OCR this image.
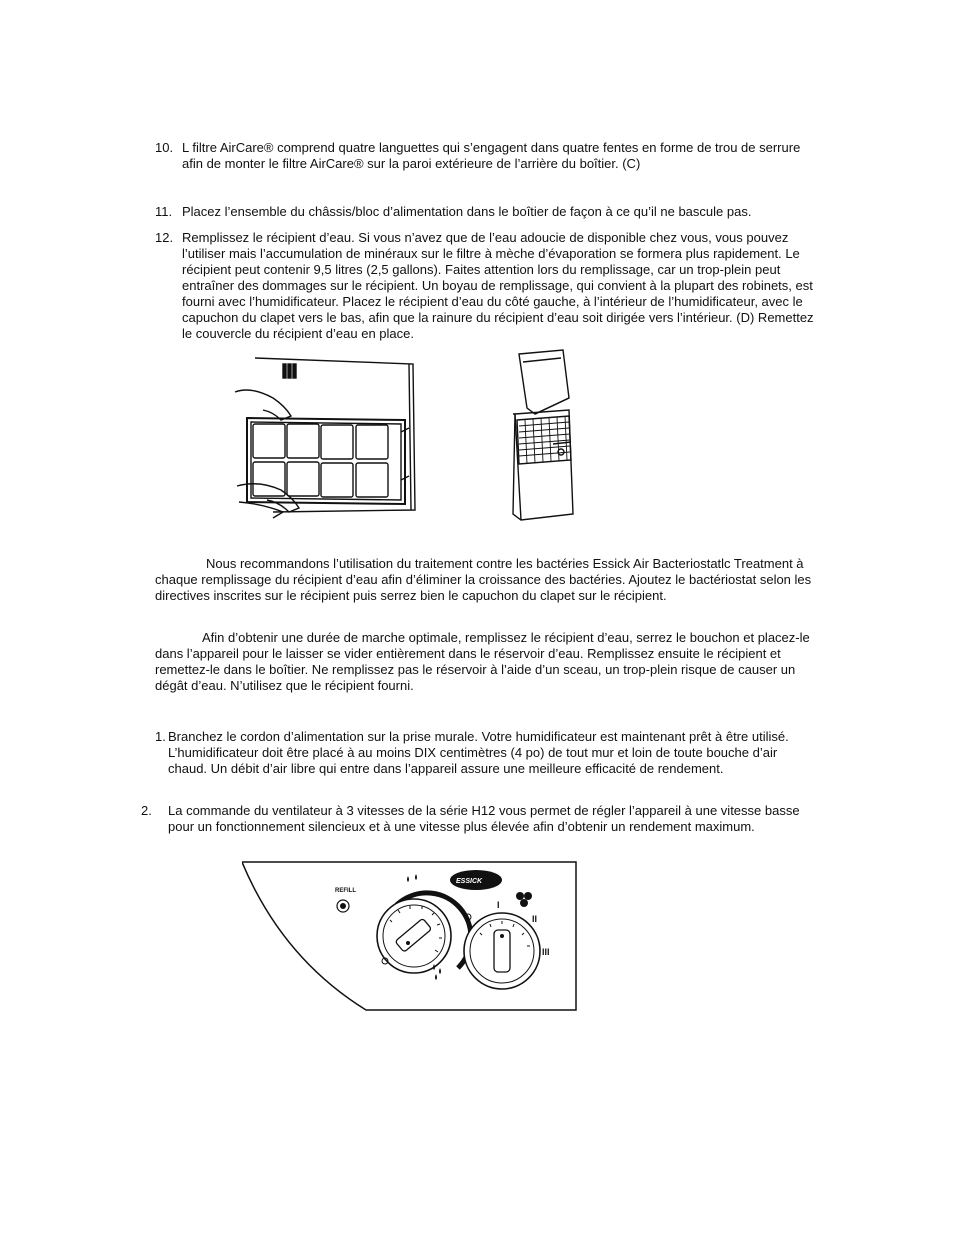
10. L filtre AirCare® comprend quatre languettes qui s’engagent dans quatre fentes en forme de trou de serrure afin de monter le filtre AirCare® sur la paroi extérieure de l’arrière du boîtier. (C)

11. Placez l’ensemble du châssis/bloc d’alimentation dans le boîtier de façon à ce qu’il ne bascule pas.

12. Remplissez le récipient d’eau. Si vous n’avez que de l’eau adoucie de disponible chez vous, vous pouvez l’utiliser mais l’accumulation de minéraux sur le filtre à mèche d’évaporation se formera plus rapidement. Le récipient peut contenir 9,5 litres (2,5 gallons). Faites attention lors du remplissage, car un trop-plein peut entraîner des dommages sur le récipient. Un boyau de remplissage, qui convient à la plupart des robinets, est fourni avec l’humidificateur. Placez le récipient d’eau du côté gauche, à l’intérieur de l’humidificateur, avec le capuchon du clapet vers le bas, afin que la rainure du récipient d’eau soit dirigée vers l’intérieur. (D) Remettez le couvercle du récipient d’eau en place.

Nous recommandons l’utilisation du traitement contre les bactéries Essick Air Bacteriostatlc Treatment à chaque remplissage du récipient d’eau afin d’éliminer la croissance des bactéries. Ajoutez le bactériostat selon les directives inscrites sur le récipient puis serrez bien le capuchon du clapet sur le récipient.

Afin d’obtenir une durée de marche optimale, remplissez le récipient d’eau, serrez le bouchon et placez-le dans l’appareil pour le laisser se vider entièrement dans le réservoir d’eau. Remplissez ensuite le récipient et remettez-le dans le boîtier. Ne remplissez pas le réservoir à l’aide d’un sceau, un trop-plein risque de causer un dégât d’eau. N’utilisez que le récipient fourni.

1. Branchez le cordon d’alimentation sur la prise murale. Votre humidificateur est maintenant prêt à être utilisé. L’humidificateur doit être placé à au moins DIX centimètres (4 po) de tout mur et loin de toute bouche d’air chaud. Un débit d’air libre qui entre dans l’appareil assure une meilleure efficacité de rendement.

2. La commande du ventilateur à 3 vitesses de la série H12 vous permet de régler l’appareil à une vitesse basse pour un fonctionnement silencieux et à une vitesse plus élevée afin d’obtenir un rendement maximum.

REFILL
ESSICK
I
II
III
